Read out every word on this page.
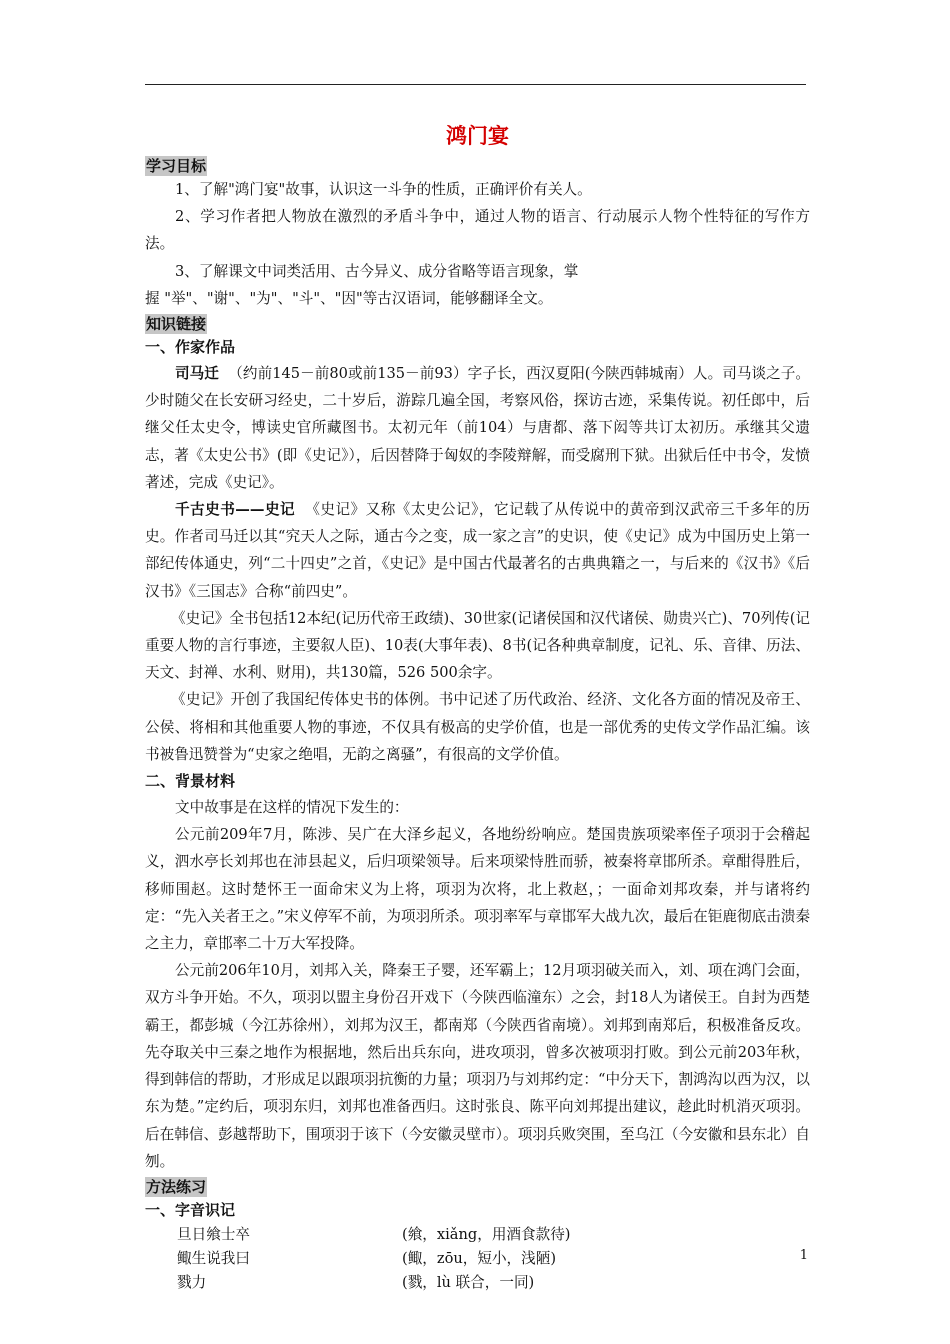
鸿门宴
学习目标

1、了解"鸿门宴"故事，认识这一斗争的性质，正确评价有关人。

2、学习作者把人物放在激烈的矛盾斗争中，通过人物的语言、行动展示人物个性特征的写作方法。

3、了解课文中词类活用、古今异义、成分省略等语言现象，掌

握 "举"、"谢"、"为"、"斗"、"因"等古汉语词，能够翻译全文。

知识链接

一、作家作品

司马迁 （约前145－前80或前135－前93）字子长，西汉夏阳(今陕西韩城南）人。司马谈之子。少时随父在长安研习经史，二十岁后，游踪几遍全国，考察风俗，探访古迹，采集传说。初任郎中，后继父任太史令，博读史官所藏图书。太初元年（前104）与唐都、落下闳等共订太初历。承继其父遗志，著《太史公书》(即《史记》），后因替降于匈奴的李陵辩解，而受腐刑下狱。出狱后任中书令，发愤著述，完成《史记》。

千古史书——史记 《史记》又称《太史公记》，它记载了从传说中的黄帝到汉武帝三千多年的历史。作者司马迁以其“究天人之际，通古今之变，成一家之言”的史识，使《史记》成为中国历史上第一部纪传体通史，列“二十四史”之首，《史记》是中国古代最著名的古典典籍之一，与后来的《汉书》《后汉书》《三国志》合称“前四史”。

《史记》全书包括12本纪(记历代帝王政绩)、30世家(记诸侯国和汉代诸侯、勋贵兴亡)、70列传(记重要人物的言行事迹，主要叙人臣)、10表(大事年表)、8书(记各种典章制度，记礼、乐、音律、历法、天文、封禅、水利、财用)，共130篇，526 500余字。

《史记》开创了我国纪传体史书的体例。书中记述了历代政治、经济、文化各方面的情况及帝王、公侯、将相和其他重要人物的事迹，不仅具有极高的史学价值，也是一部优秀的史传文学作品汇编。该书被鲁迅赞誉为“史家之绝唱，无韵之离骚”，有很高的文学价值。

二、背景材料

文中故事是在这样的情况下发生的：

公元前209年7月，陈涉、吴广在大泽乡起义，各地纷纷响应。楚国贵族项梁率侄子项羽于会稽起义，泗水亭长刘邦也在沛县起义，后归项梁领导。后来项梁恃胜而骄，被秦将章邯所杀。章酣得胜后，移师围赵。这时楚怀王一面命宋义为上将，项羽为次将，北上救赵，；一面命刘邦攻秦，并与诸将约定：“先入关者王之。”宋义停军不前，为项羽所杀。项羽率军与章邯军大战九次，最后在钜鹿彻底击溃秦之主力，章邯率二十万大军投降。

公元前206年10月，刘邦入关，降秦王子婴，还军霸上；12月项羽破关而入，刘、项在鸿门会面，双方斗争开始。不久，项羽以盟主身份召开戏下（今陕西临潼东）之会，封18人为诸侯王。自封为西楚霸王，都彭城（今江苏徐州），刘邦为汉王，都南郑（今陕西省南境）。刘邦到南郑后，积极准备反攻。先夺取关中三秦之地作为根据地，然后出兵东向，进攻项羽，曾多次被项羽打败。到公元前203年秋，得到韩信的帮助，才形成足以跟项羽抗衡的力量；项羽乃与刘邦约定：“中分天下，割鸿沟以西为汉，以东为楚。”定约后，项羽东归，刘邦也准备西归。这时张良、陈平向刘邦提出建议，趁此时机消灭项羽。后在韩信、彭越帮助下，围项羽于该下（今安徽灵壁市）。项羽兵败突围，至乌江（今安徽和县东北）自刎。

方法练习

一、字音识记

旦日飨士卒	(飨，xiǎng，用酒食款待)
鲰生说我曰	(鲰，zōu，短小，浅陋)
戮力	(戮，lù 联合，一同)
1
